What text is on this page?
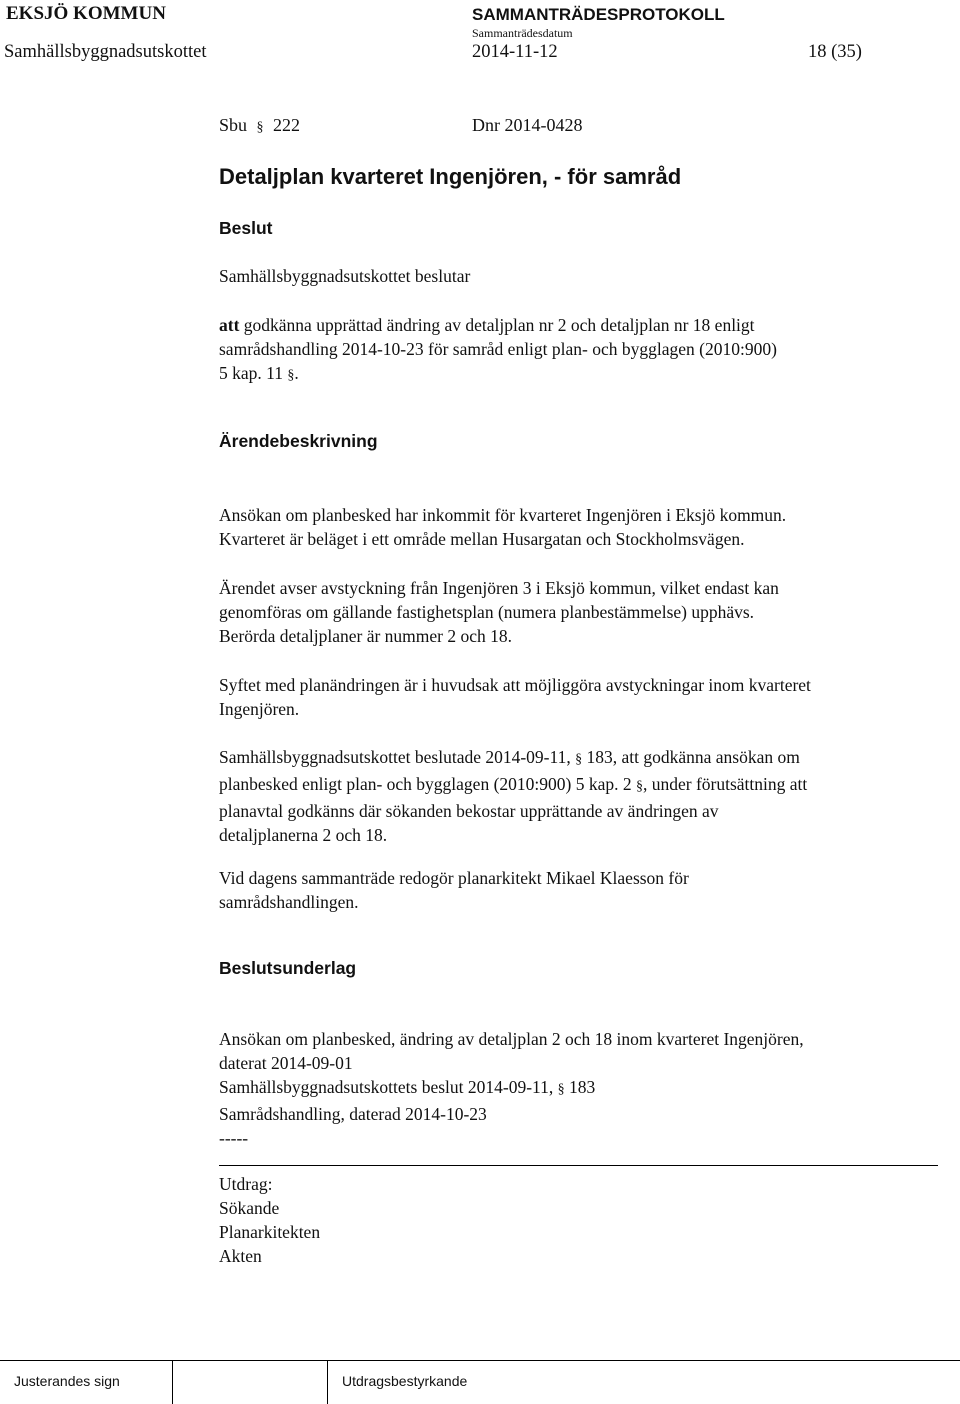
EKSJÖ KOMMUN	SAMMANTRÄDESPROTOKOLL
Sammanträdesdatum
Samhällsbyggnadsutskottet	2014-11-12	18 (35)
Sbu § 222	Dnr 2014-0428
Detaljplan kvarteret Ingenjören, - för samråd
Beslut
Samhällsbyggnadsutskottet beslutar
att godkänna upprättad ändring av detaljplan nr 2 och detaljplan nr 18 enligt
samrådshandling 2014-10-23 för samråd enligt plan- och bygglagen (2010:900)
5 kap. 11 §.
Ärendebeskrivning
Ansökan om planbesked har inkommit för kvarteret Ingenjören i Eksjö kommun.
Kvarteret är beläget i ett område mellan Husargatan och Stockholmsvägen.
Ärendet avser avstyckning från Ingenjören 3 i Eksjö kommun, vilket endast kan
genomföras om gällande fastighetsplan (numera planbestämmelse) upphävs.
Berörda detaljplaner är nummer 2 och 18.
Syftet med planändringen är i huvudsak att möjliggöra avstyckningar inom kvarteret
Ingenjören.
Samhällsbyggnadsutskottet beslutade 2014-09-11, § 183, att godkänna ansökan om
planbesked enligt plan- och bygglagen (2010:900) 5 kap. 2 §, under förutsättning att
planavtal godkänns där sökanden bekostar upprättande av ändringen av
detaljplanerna 2 och 18.
Vid dagens sammanträde redogör planarkitekt Mikael Klaesson för
samrådshandlingen.
Beslutsunderlag
Ansökan om planbesked, ändring av detaljplan 2 och 18 inom kvarteret Ingenjören,
daterat 2014-09-01
Samhällsbyggnadsutskottets beslut 2014-09-11, § 183
Samrådshandling, daterad 2014-10-23
-----
Utdrag:
Sökande
Planarkitekten
Akten
Justerandes sign	Utdragsbestyrkande
